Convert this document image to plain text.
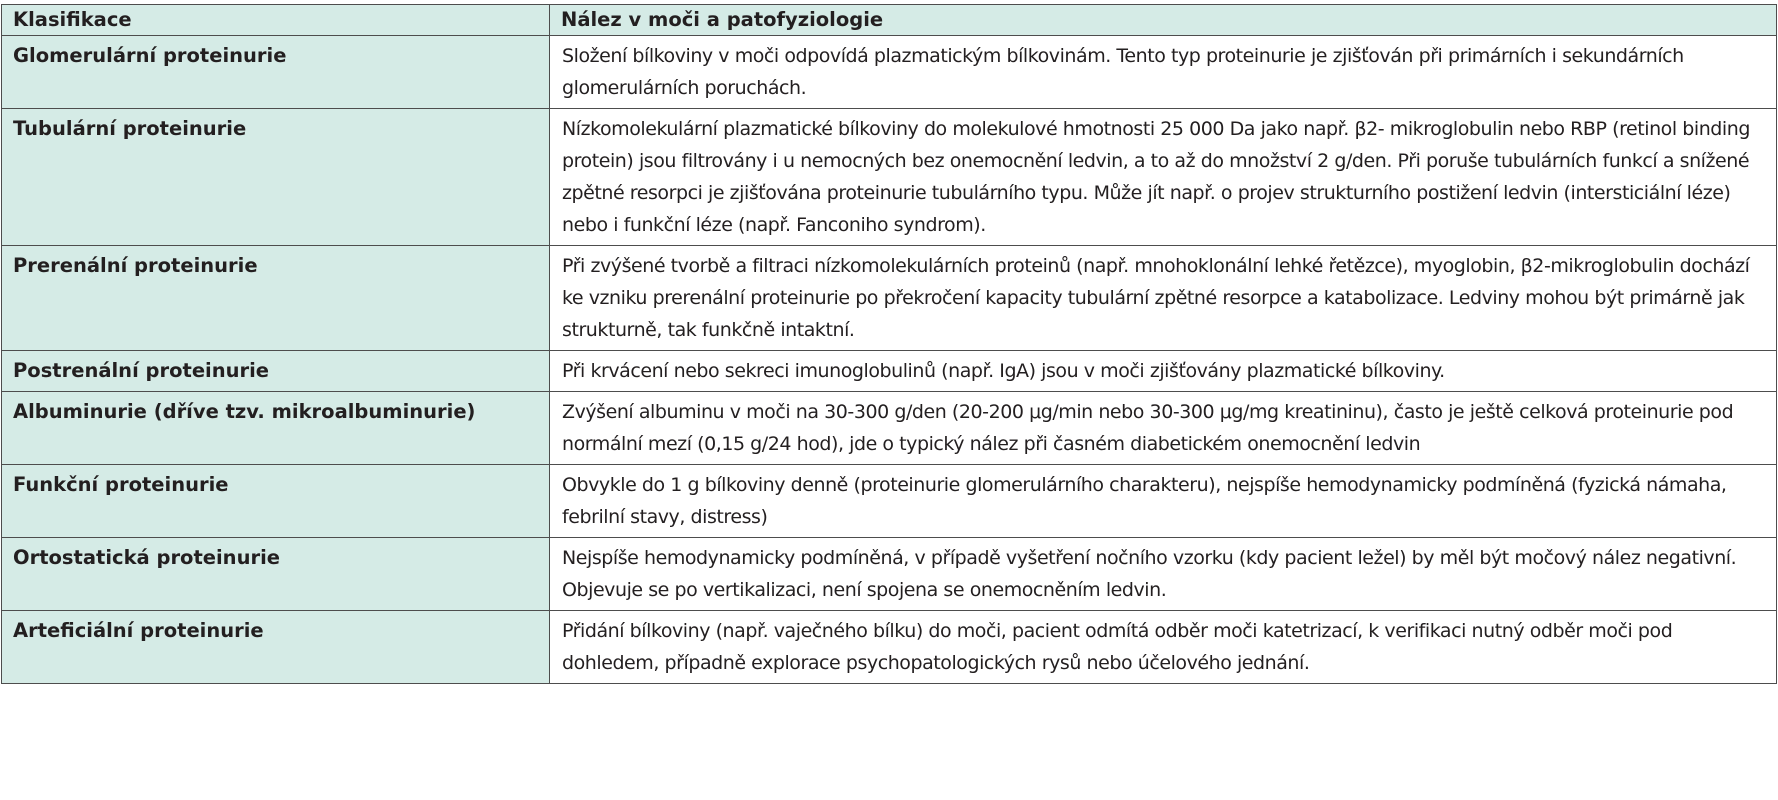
Klasifikace	Nález v moči a patofyziologie
Glomerulární proteinurie	Složení bílkoviny v moči odpovídá plazmatickým bílkovinám. Tento typ proteinurie je zjišťován při primárních i sekundárních glomerulárních poruchách.
Tubulární proteinurie	Nízkomolekulární plazmatické bílkoviny do molekulové hmotnosti 25 000 Da jako např. β2- mikroglobulin nebo RBP (retinol binding protein) jsou filtrovány i u nemocných bez onemocnění ledvin, a to až do množství 2 g/den. Při poruše tubulárních funkcí a snížené zpětné resorpci je zjišťována proteinurie tubulárního typu. Může jít např. o projev strukturního postižení ledvin (intersticiální léze) nebo i funkční léze (např. Fanconiho syndrom).
Prerenální proteinurie	Při zvýšené tvorbě a filtraci nízkomolekulárních proteinů (např. mnohoklonální lehké řetězce), myoglobin, β2-mikroglobulin dochází ke vzniku prerenální proteinurie po překročení kapacity tubulární zpětné resorpce a katabolizace. Ledviny mohou být primárně jak strukturně, tak funkčně intaktní.
Postrenální proteinurie	Při krvácení nebo sekreci imunoglobulinů (např. IgA) jsou v moči zjišťovány plazmatické bílkoviny.
Albuminurie (dříve tzv. mikroalbuminurie)	Zvýšení albuminu v moči na 30-300 g/den (20-200 μg/min nebo 30-300 μg/mg kreatininu), často je ještě celková proteinurie pod normální mezí (0,15 g/24 hod), jde o typický nález při časném diabetickém onemocnění ledvin
Funkční proteinurie	Obvykle do 1 g bílkoviny denně (proteinurie glomerulárního charakteru), nejspíše hemodynamicky podmíněná (fyzická námaha, febrilní stavy, distress)
Ortostatická proteinurie	Nejspíše hemodynamicky podmíněná, v případě vyšetření nočního vzorku (kdy pacient ležel) by měl být močový nález negativní. Objevuje se po vertikalizaci, není spojena se onemocněním ledvin.
Arteficiální proteinurie	Přidání bílkoviny (např. vaječného bílku) do moči, pacient odmítá odběr moči katetrizací, k verifikaci nutný odběr moči pod dohledem, případně explorace psychopatologických rysů nebo účelového jednání.
